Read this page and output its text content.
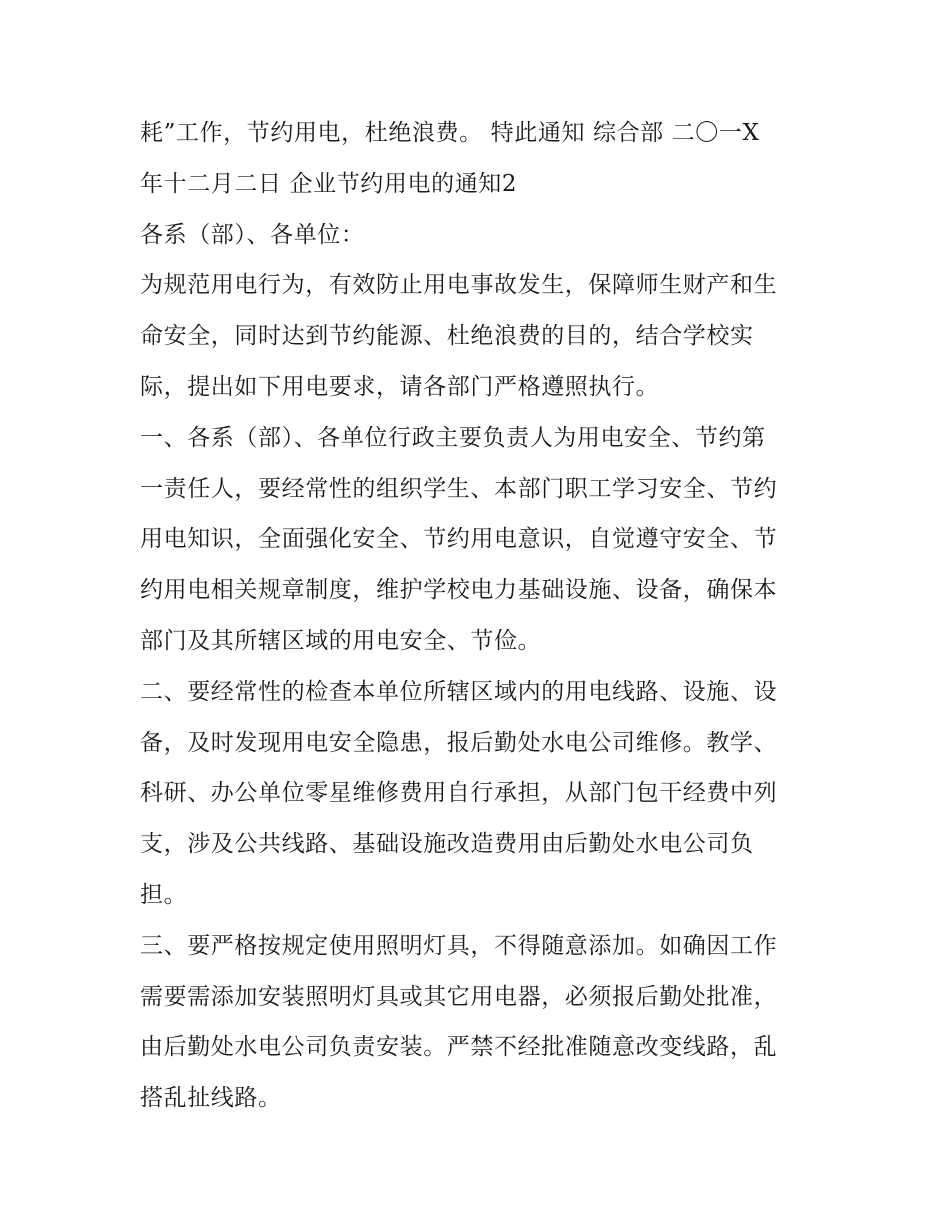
耗”工作，节约用电，杜绝浪费。 特此通知 综合部 二〇一X

年十二月二日 企业节约用电的通知2

各系（部）、各单位：

为规范用电行为，有效防止用电事故发生，保障师生财产和生

命安全，同时达到节约能源、杜绝浪费的目的，结合学校实

际，提出如下用电要求，请各部门严格遵照执行。

一、各系（部）、各单位行政主要负责人为用电安全、节约第

一责任人，要经常性的组织学生、本部门职工学习安全、节约

用电知识，全面强化安全、节约用电意识，自觉遵守安全、节

约用电相关规章制度，维护学校电力基础设施、设备，确保本

部门及其所辖区域的用电安全、节俭。

二、要经常性的检查本单位所辖区域内的用电线路、设施、设

备，及时发现用电安全隐患，报后勤处水电公司维修。教学、

科研、办公单位零星维修费用自行承担，从部门包干经费中列

支，涉及公共线路、基础设施改造费用由后勤处水电公司负

担。

三、要严格按规定使用照明灯具，不得随意添加。如确因工作

需要需添加安装照明灯具或其它用电器，必须报后勤处批准，

由后勤处水电公司负责安装。严禁不经批准随意改变线路，乱

搭乱扯线路。
